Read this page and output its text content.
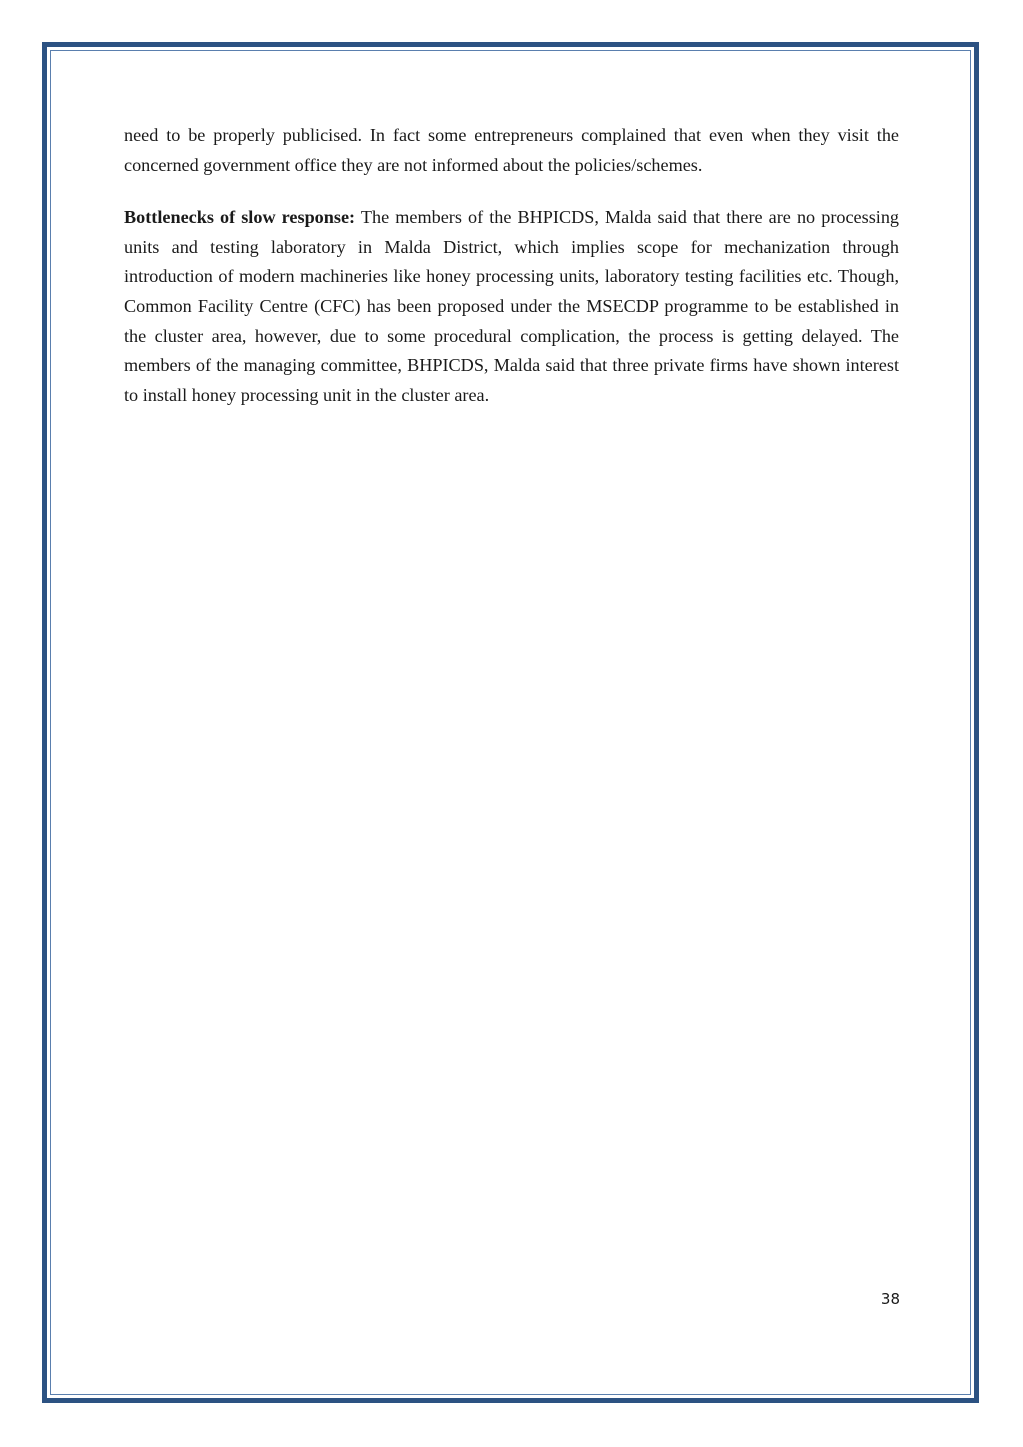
need to be properly publicised. In fact some entrepreneurs complained that even when they visit the concerned government office they are not informed about the policies/schemes.

Bottlenecks of slow response: The members of the BHPICDS, Malda said that there are no processing units and testing laboratory in Malda District, which implies scope for mechanization through introduction of modern machineries like honey processing units, laboratory testing facilities etc. Though, Common Facility Centre (CFC) has been proposed under the MSECDP programme to be established in the cluster area, however, due to some procedural complication, the process is getting delayed. The members of the managing committee, BHPICDS, Malda said that three private firms have shown interest to install honey processing unit in the cluster area.

38
